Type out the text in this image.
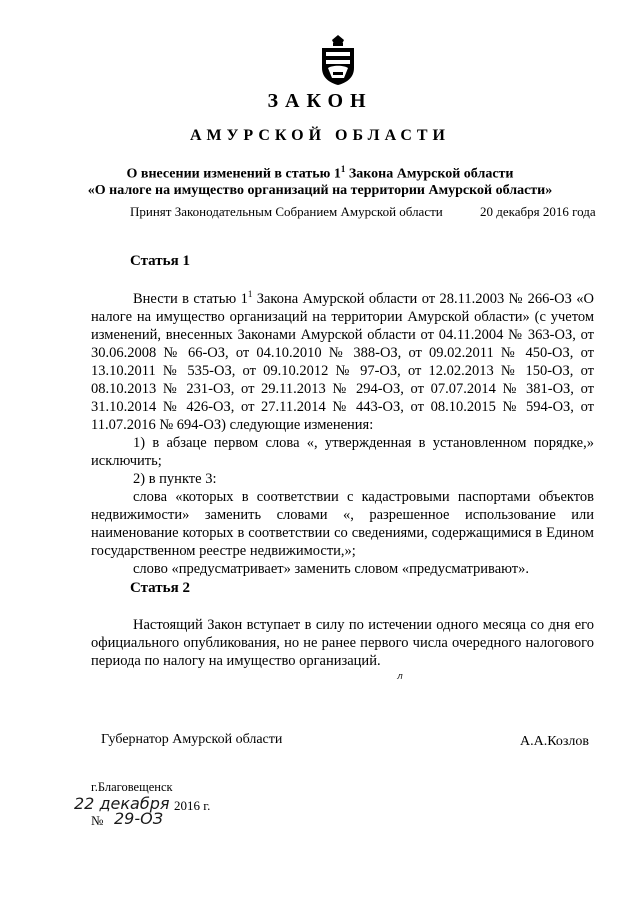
ЗАКОН
АМУРСКОЙ ОБЛАСТИ
О внесении изменений в статью $1^1$ Закона Амурской области
«О налоге на имущество организаций на территории Амурской области»
Принят Законодательным Собранием Амурской области	20 декабря 2016 года
Статья 1

Внести в статью $1^1$ Закона Амурской области от 28.11.2003 № 266-ОЗ «О налоге на имущество организаций на территории Амурской области» (с учетом изменений, внесенных Законами Амурской области от 04.11.2004 № 363-ОЗ, от 30.06.2008 № 66-ОЗ, от 04.10.2010 № 388-ОЗ, от 09.02.2011 № 450-ОЗ, от 13.10.2011 № 535-ОЗ, от 09.10.2012 № 97-ОЗ, от 12.02.2013 № 150-ОЗ, от 08.10.2013 № 231-ОЗ, от 29.11.2013 № 294-ОЗ, от 07.07.2014 № 381-ОЗ, от 31.10.2014 № 426-ОЗ, от 27.11.2014 № 443-ОЗ, от 08.10.2015 № 594-ОЗ, от 11.07.2016 № 694-ОЗ) следующие изменения:

1) в абзаце первом слова «, утвержденная в установленном порядке,» исключить;

2) в пункте 3:

слова «которых в соответствии с кадастровыми паспортами объектов недвижимости» заменить словами «, разрешенное использование или наименование которых в соответствии со сведениями, содержащимися в Едином государственном реестре недвижимости,»;

слово «предусматривает» заменить словом «предусматривают».

Статья 2

Настоящий Закон вступает в силу по истечении одного месяца со дня его официального опубликования, но не ранее первого числа очередного налогового периода по налогу на имущество организаций.

л
Губернатор Амурской области	А.А.Козлов
г.Благовещенск
22 декабря 2016 г.
№ 29-ОЗ
